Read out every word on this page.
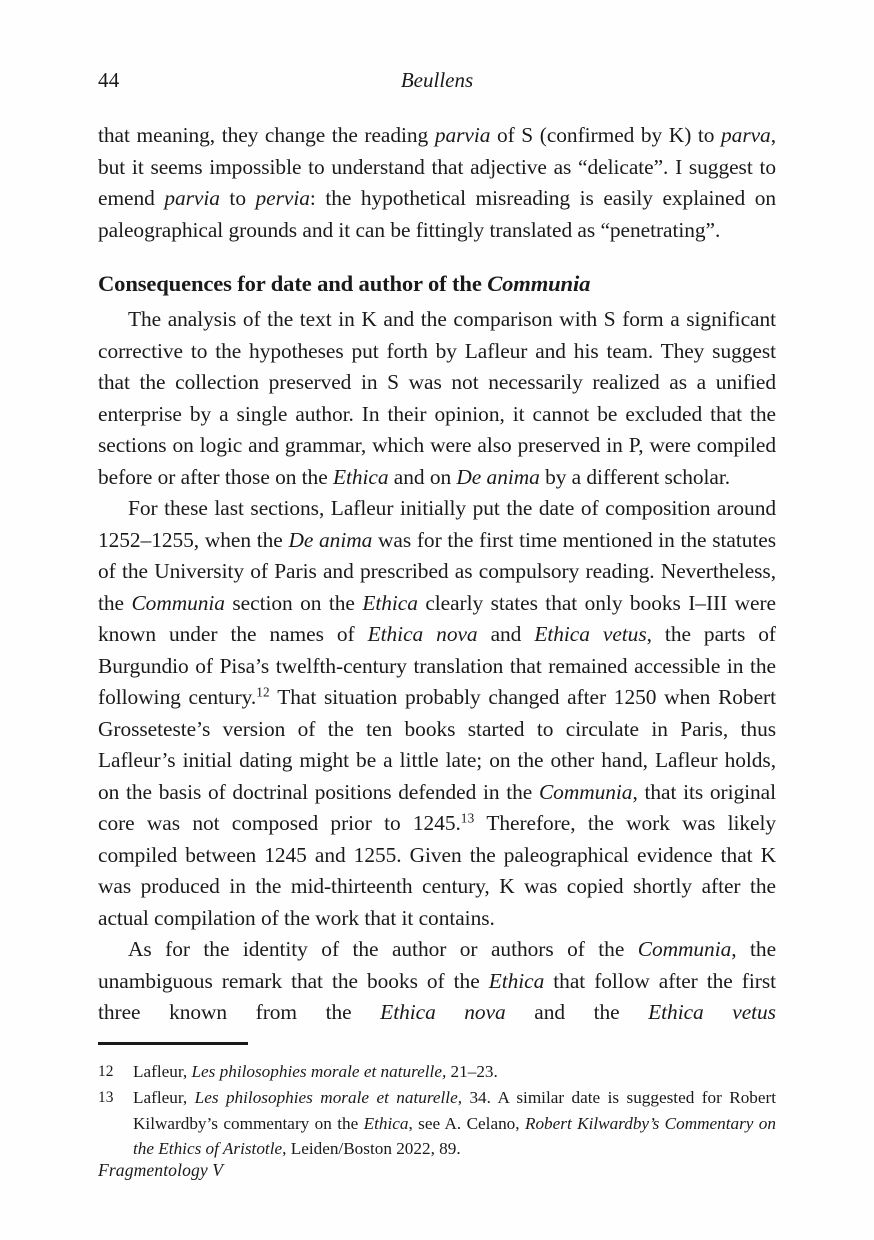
44	Beullens

that meaning, they change the reading parvia of S (confirmed by K) to parva, but it seems impossible to understand that adjective as “delicate”. I suggest to emend parvia to pervia: the hypothetical misreading is easily explained on paleographical grounds and it can be fittingly translated as “penetrating”.

Consequences for date and author of the Communia

The analysis of the text in K and the comparison with S form a significant corrective to the hypotheses put forth by Lafleur and his team. They suggest that the collection preserved in S was not necessarily realized as a unified enterprise by a single author. In their opinion, it cannot be excluded that the sections on logic and grammar, which were also preserved in P, were compiled before or after those on the Ethica and on De anima by a different scholar.

For these last sections, Lafleur initially put the date of composition around 1252–1255, when the De anima was for the first time mentioned in the statutes of the University of Paris and prescribed as compulsory reading. Nevertheless, the Communia section on the Ethica clearly states that only books I–III were known under the names of Ethica nova and Ethica vetus, the parts of Burgundio of Pisa’s twelfth-century translation that remained accessible in the following century.$^{12}$ That situation probably changed after 1250 when Robert Grosseteste’s version of the ten books started to circulate in Paris, thus Lafleur’s initial dating might be a little late; on the other hand, Lafleur holds, on the basis of doctrinal positions defended in the Communia, that its original core was not composed prior to 1245.13 Therefore, the work was likely compiled between 1245 and 1255. Given the paleographical evidence that K was produced in the mid-thirteenth century, K was copied shortly after the actual compilation of the work that it contains.

As for the identity of the author or authors of the Communia, the unambiguous remark that the books of the Ethica that follow after the first three known from the Ethica nova and the Ethica vetus

12 Lafleur, Les philosophies morale et naturelle, 21–23.
13 Lafleur, Les philosophies morale et naturelle, 34. A similar date is suggested for Robert Kilwardby’s commentary on the Ethica, see A. Celano, Robert Kilwardby’s Commentary on the Ethics of Aristotle, Leiden/Boston 2022, 89.
Fragmentology V
